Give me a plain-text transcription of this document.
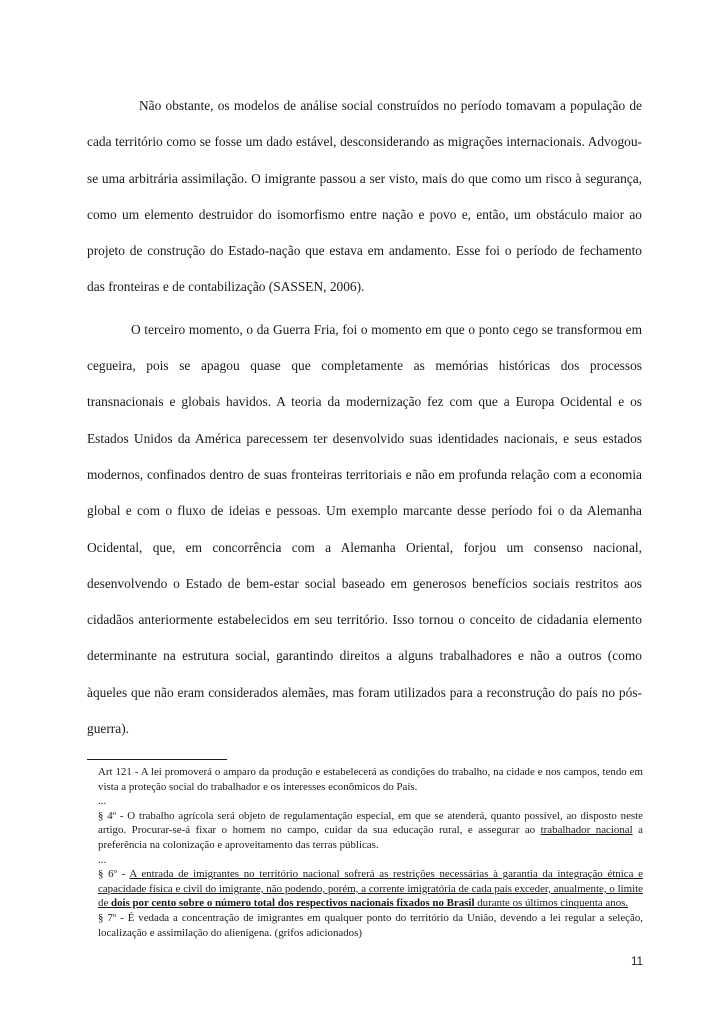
Não obstante, os modelos de análise social construídos no período tomavam a população de cada território como se fosse um dado estável, desconsiderando as migrações internacionais. Advogou-se uma arbitrária assimilação. O imigrante passou a ser visto, mais do que como um risco à segurança, como um elemento destruidor do isomorfismo entre nação e povo e, então, um obstáculo maior ao projeto de construção do Estado-nação que estava em andamento. Esse foi o período de fechamento das fronteiras e de contabilização (SASSEN, 2006).

O terceiro momento, o da Guerra Fria, foi o momento em que o ponto cego se transformou em cegueira, pois se apagou quase que completamente as memórias históricas dos processos transnacionais e globais havidos. A teoria da modernização fez com que a Europa Ocidental e os Estados Unidos da América parecessem ter desenvolvido suas identidades nacionais, e seus estados modernos, confinados dentro de suas fronteiras territoriais e não em profunda relação com a economia global e com o fluxo de ideias e pessoas. Um exemplo marcante desse período foi o da Alemanha Ocidental, que, em concorrência com a Alemanha Oriental, forjou um consenso nacional, desenvolvendo o Estado de bem-estar social baseado em generosos benefícios sociais restritos aos cidadãos anteriormente estabelecidos em seu território. Isso tornou o conceito de cidadania elemento determinante na estrutura social, garantindo direitos a alguns trabalhadores e não a outros (como àqueles que não eram considerados alemães, mas foram utilizados para a reconstrução do país no pós-guerra).

Art 121 - A lei promoverá o amparo da produção e estabelecerá as condições do trabalho, na cidade e nos campos, tendo em vista a proteção social do trabalhador e os interesses econômicos do País.

...

§ 4º - O trabalho agrícola será objeto de regulamentação especial, em que se atenderá, quanto possível, ao disposto neste artigo. Procurar-se-á fixar o homem no campo, cuidar da sua educação rural, e assegurar ao trabalhador nacional a preferência na colonização e aproveitamento das terras públicas.

...

§ 6º - A entrada de imigrantes no território nacional sofrerá as restrições necessárias à garantia da integração étnica e capacidade física e civil do imigrante, não podendo, porém, a corrente imigratória de cada país exceder, anualmente, o limite de dois por cento sobre o número total dos respectivos nacionais fixados no Brasil durante os últimos cinquenta anos.

§ 7º - É vedada a concentração de imigrantes em qualquer ponto do território da União, devendo a lei regular a seleção, localização e assimilação do alienígena. (grifos adicionados)

11
